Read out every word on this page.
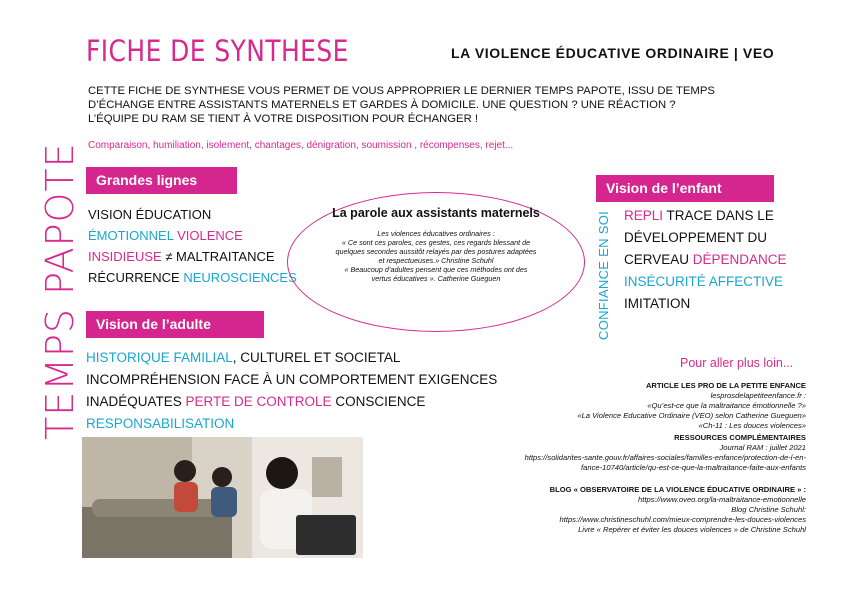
FICHE DE SYNTHESE	LA VIOLENCE ÉDUCATIVE ORDINAIRE | VEO
CETTE FICHE DE SYNTHESE VOUS PERMET DE VOUS APPROPRIER LE DERNIER TEMPS PAPOTE, ISSU DE TEMPS
D’ÉCHANGE ENTRE ASSISTANTS MATERNELS ET GARDES À DOMICILE. UNE QUESTION ? UNE RÉACTION ?
L’ÉQUIPE DU RAM SE TIENT À VOTRE DISPOSITION POUR ÉCHANGER !
Comparaison, humiliation, isolement, chantages, dénigration, soumission , récompenses, rejet...
TEMPS PAPOTE	Grandes lignes
VISION ÉDUCATION
ÉMOTIONNEL VIOLENCE
INSIDIEUSE ≠ MALTRAITANCE
RÉCURRENCE NEUROSCIENCES
La parole aux assistants maternels
Les violences éducatives ordinaires :
« Ce sont ces paroles, ces gestes, ces regards blessant de
quelques secondes aussitôt relayés par des postures adaptées
et respectueuses.» Christine Schuhl
« Beaucoup d’adultes pensent que ces méthodes ont des
vertus éducatives ». Catherine Gueguen
Vision de l’enfant
CONFIANCE EN SOI REPLI TRACE DANS LE
DÉVELOPPEMENT DU
CERVEAU DÉPENDANCE
INSÉCURITÉ AFFECTIVE
IMITATION
Vision de l’adulte
HISTORIQUE FAMILIAL, CULTUREL ET SOCIETAL
INCOMPRÉHENSION FACE À UN COMPORTEMENT EXIGENCES
INADÉQUATES PERTE DE CONTROLE CONSCIENCE
RESPONSABILISATION
Pour aller plus loin...
ARTICLE LES PRO DE LA PETITE ENFANCE
lesprosdelapetiteenfance.fr :
«Qu’est-ce que la maltraitance émotionnelle ?»
«La Violence Educative Ordinaire (VEO) selon Catherine Gueguen»
«Ch-11 : Les douces violences»
RESSOURCES COMPLÉMENTAIRES
Journal RAM : juillet 2021
https://solidarites-sante.gouv.fr/affaires-sociales/familles-enfance/protection-de-l-en-
fance-10740/article/qu-est-ce-que-la-maltraitance-faite-aux-enfants
BLOG « OBSERVATOIRE DE LA VIOLENCE ÉDUCATIVE ORDINAIRE » :
https://www.oveo.org/la-maltraitance-emotionnelle
Blog Christine Schuhl:
https://www.christineschuhl.com/mieux-comprendre-les-douces-violences
Livre « Repérer et éviter les douces violences » de Christine Schuhl
